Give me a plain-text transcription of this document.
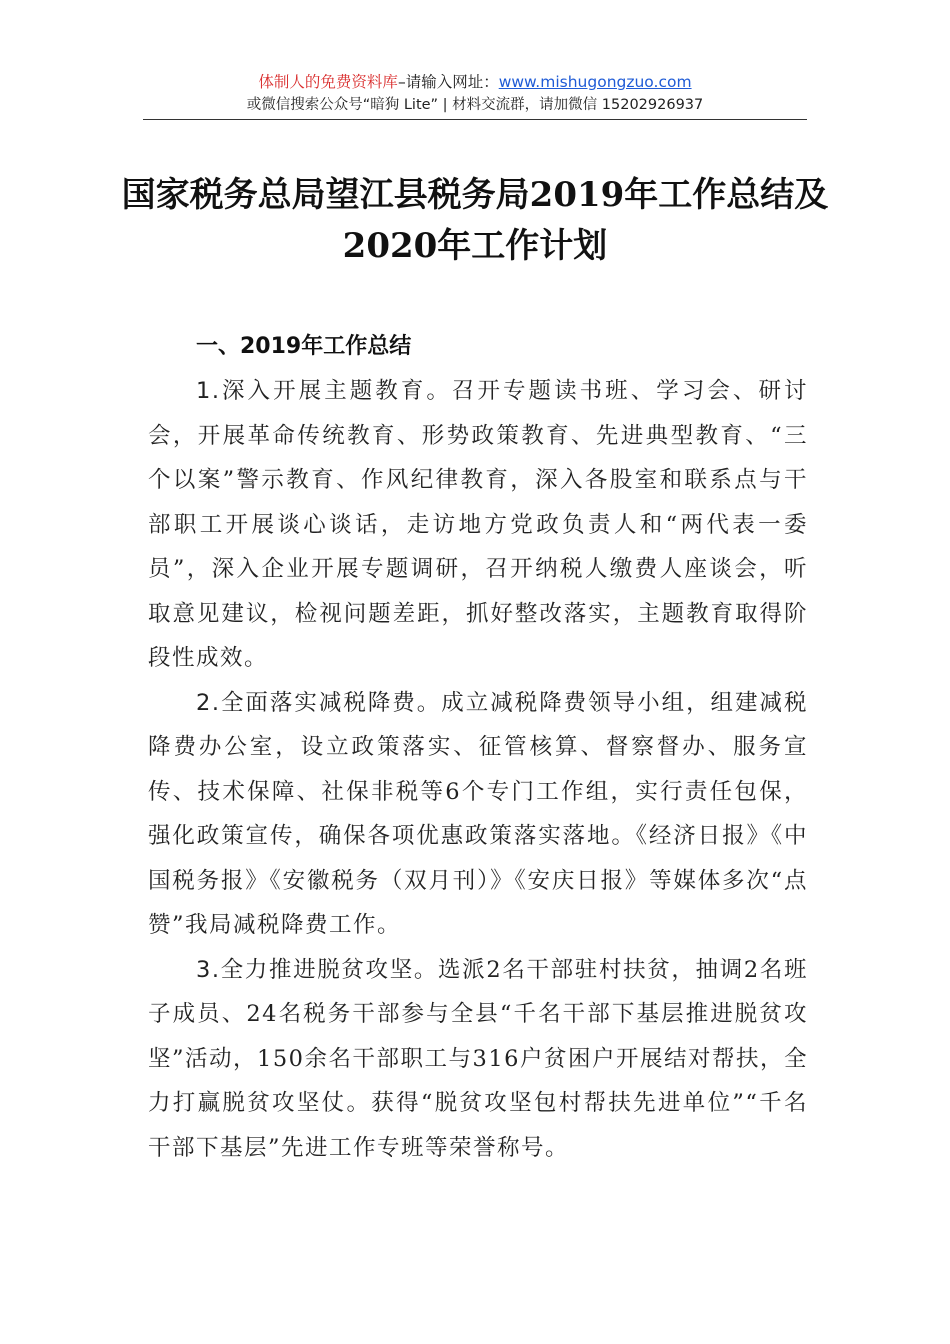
体制人的免费资料库–请输入网址：www.mishugongzuo.com
或微信搜索公众号“暗狗 Lite” | 材料交流群，请加微信 15202926937
国家税务总局望江县税务局2019年工作总结及2020年工作计划
一、2019年工作总结

1.深入开展主题教育。召开专题读书班、学习会、研讨会，开展革命传统教育、形势政策教育、先进典型教育、“三个以案”警示教育、作风纪律教育，深入各股室和联系点与干部职工开展谈心谈话，走访地方党政负责人和“两代表一委员”，深入企业开展专题调研，召开纳税人缴费人座谈会，听取意见建议，检视问题差距，抓好整改落实，主题教育取得阶段性成效。

2.全面落实减税降费。成立减税降费领导小组，组建减税降费办公室，设立政策落实、征管核算、督察督办、服务宣传、技术保障、社保非税等6个专门工作组，实行责任包保，强化政策宣传，确保各项优惠政策落实落地。《经济日报》《中国税务报》《安徽税务（双月刊）》《安庆日报》等媒体多次“点赞”我局减税降费工作。

3.全力推进脱贫攻坚。选派2名干部驻村扶贫，抽调2名班子成员、24名税务干部参与全县“千名干部下基层推进脱贫攻坚”活动，150余名干部职工与316户贫困户开展结对帮扶，全力打赢脱贫攻坚仗。获得“脱贫攻坚包村帮扶先进单位”“千名干部下基层”先进工作专班等荣誉称号。
